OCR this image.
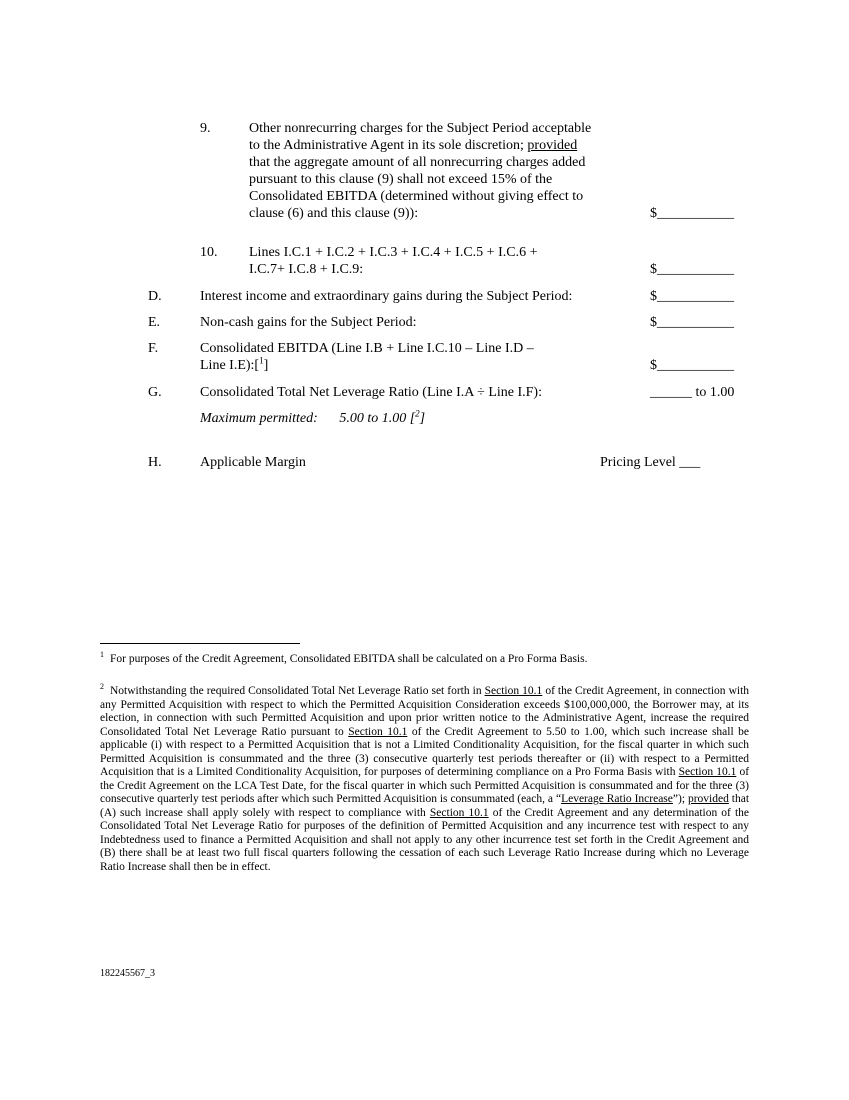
9.	Other nonrecurring charges for the Subject Period acceptable
to the Administrative Agent in its sole discretion; provided
that the aggregate amount of all nonrecurring charges added
pursuant to this clause (9) shall not exceed 15% of the
Consolidated EBITDA (determined without giving effect to
clause (6) and this clause (9)):	$___________
10. Lines I.C.1 + I.C.2 + I.C.3 + I.C.4 + I.C.5 + I.C.6 +
I.C.7+ I.C.8 + I.C.9:	$___________
D.	Interest income and extraordinary gains during the Subject Period:	$___________
E.	Non-cash gains for the Subject Period:	$___________
F.	Consolidated EBITDA (Line I.B + Line I.C.10 – Line I.D –
Line I.E):[$^1$]	$___________
G.	Consolidated Total Net Leverage Ratio (Line I.A ÷ Line I.F):	______ to 1.00
Maximum permitted: 5.00 to 1.00 [$^2$]
H.	Applicable Margin	Pricing Level ___
$^1$ For purposes of the Credit Agreement, Consolidated EBITDA shall be calculated on a Pro Forma Basis.
$^2$ Notwithstanding the required Consolidated Total Net Leverage Ratio set forth in Section 10.1 of the Credit Agreement, in connection with any Permitted Acquisition with respect to which the Permitted Acquisition Consideration exceeds $100,000,000, the Borrower may, at its election, in connection with such Permitted Acquisition and upon prior written notice to the Administrative Agent, increase the required Consolidated Total Net Leverage Ratio pursuant to Section 10.1 of the Credit Agreement to 5.50 to 1.00, which such increase shall be applicable (i) with respect to a Permitted Acquisition that is not a Limited Conditionality Acquisition, for the fiscal quarter in which such Permitted Acquisition is consummated and the three (3) consecutive quarterly test periods thereafter or (ii) with respect to a Permitted Acquisition that is a Limited Conditionality Acquisition, for purposes of determining compliance on a Pro Forma Basis with Section 10.1 of the Credit Agreement on the LCA Test Date, for the fiscal quarter in which such Permitted Acquisition is consummated and for the three (3) consecutive quarterly test periods after which such Permitted Acquisition is consummated (each, a “Leverage Ratio Increase”); provided that (A) such increase shall apply solely with respect to compliance with Section 10.1 of the Credit Agreement and any determination of the Consolidated Total Net Leverage Ratio for purposes of the definition of Permitted Acquisition and any incurrence test with respect to any Indebtedness used to finance a Permitted Acquisition and shall not apply to any other incurrence test set forth in the Credit Agreement and (B) there shall be at least two full fiscal quarters following the cessation of each such Leverage Ratio Increase during which no Leverage Ratio Increase shall then be in effect.
182245567_3
